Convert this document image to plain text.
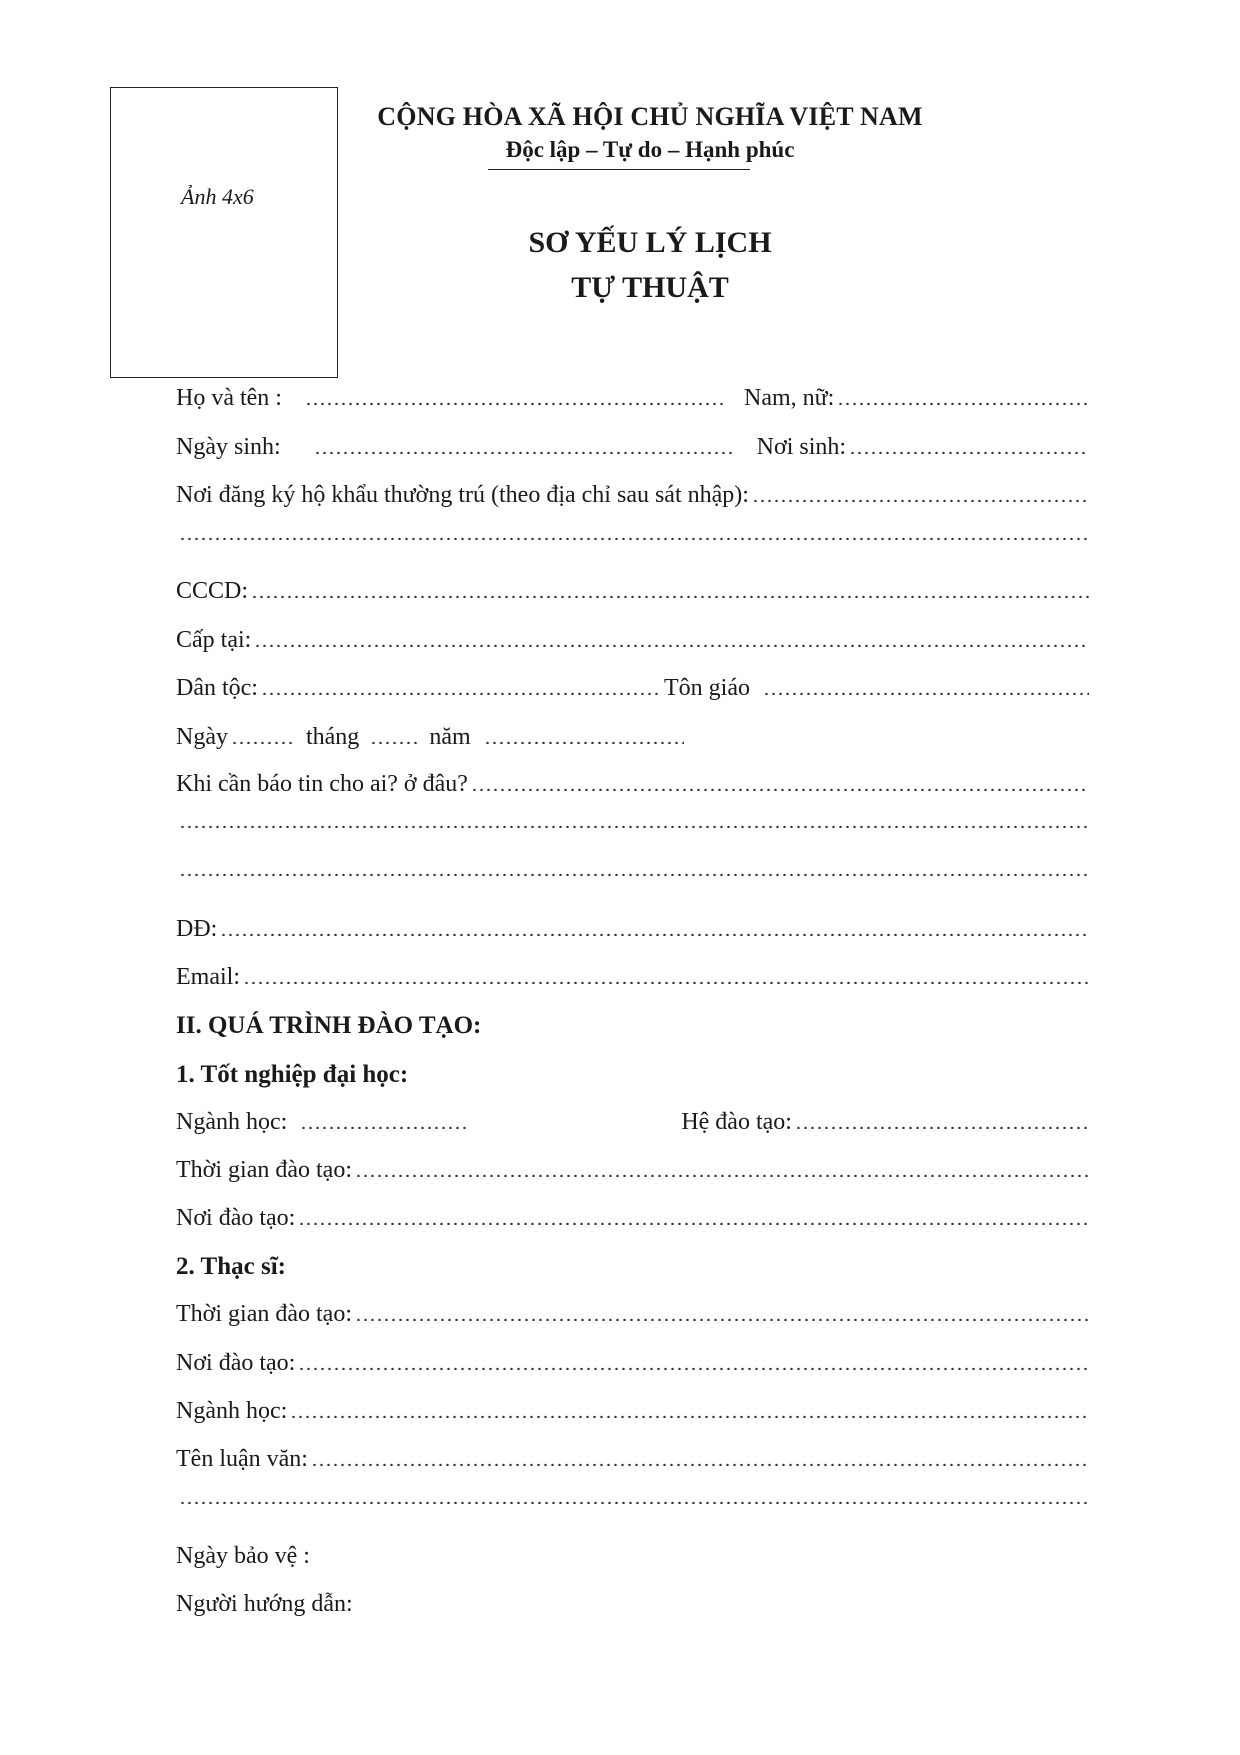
Ảnh 4x6
CỘNG HÒA XÃ HỘI CHỦ NGHĨA VIỆT NAM
Độc lập – Tự do – Hạnh phúc
SƠ YẾU LÝ LỊCH
TỰ THUẬT
Họ và tên :	Nam, nữ:
Ngày sinh:	Nơi sinh:
Nơi đăng ký hộ khẩu thường trú (theo địa chỉ sau sát nhập):
CCCD:
Cấp tại:
Dân tộc:	Tôn giáo
Ngày	tháng	năm
Khi cần báo tin cho ai? ở đâu?
DĐ:
Email:
II. QUÁ TRÌNH ĐÀO TẠO:
1. Tốt nghiệp đại học:
Ngành học:	Hệ đào tạo:
Thời gian đào tạo:
Nơi đào tạo:
2. Thạc sĩ:
Thời gian đào tạo:
Nơi đào tạo:
Ngành học:
Tên luận văn:
Ngày bảo vệ :
Người hướng dẫn:
